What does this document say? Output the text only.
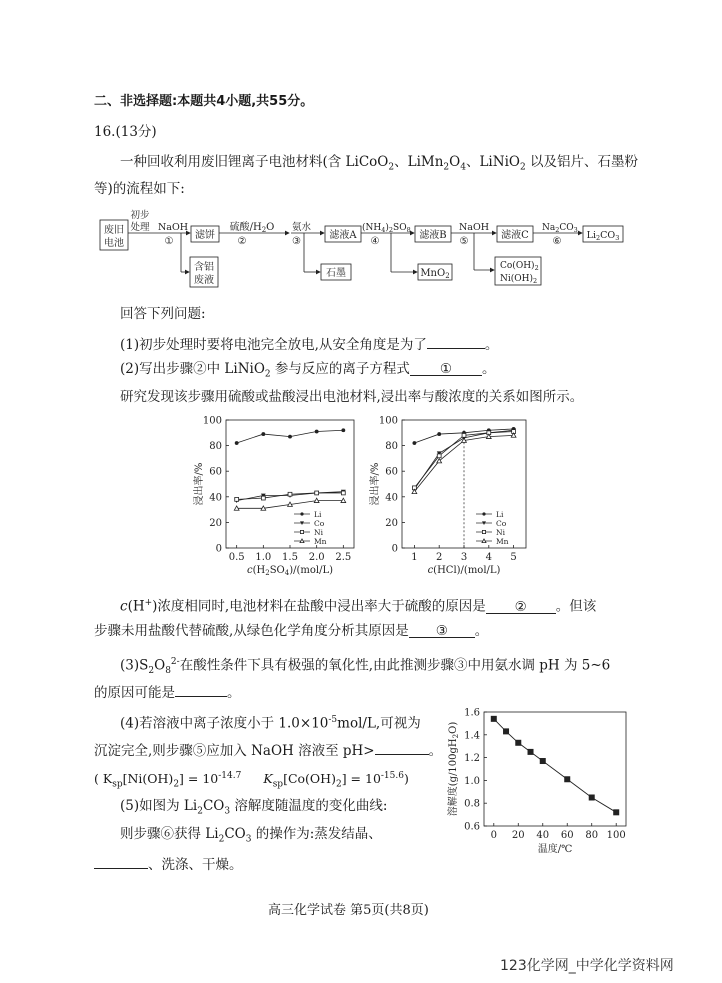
二、非选择题:本题共4小题,共55分。
16.(13分)
一种回收利用废旧锂离子电池材料(含 LiCoO$_2$、$LiMn_2O_4$、LiNiO$_2$ 以及铝片、石墨粉
等)的流程如下:
废旧
电池
初步
处理 NaOH
①
滤饼
含铝
废液
硫酸$/H_2O$
②
氨水
③
石墨
滤液A
$(NH_4)_2SO_8$
④
MnO$_2$
滤液B
NaOH
⑤
$Co(OH)_2$
$Ni(OH)_2$
滤液C
$Na_2CO_3$
⑥
$Li_2CO_3$
回答下列问题:
(1)初步处理时要将电池完全放电,从安全角度是为了	。
(2)写出步骤②中 LiNiO$_2$ 参与反应的离子方程式 ① 。
研究发现该步骤用硫酸或盐酸浸出电池材料,浸出率与酸浓度的关系如图所示。
0
20
40
60
80
100
0.5 1.0 1.5 2.0 2.5
Li
Co
Ni
Mn
浸出率/%
$c(H_2SO_4)/(mol/L)$
0
20
40
60
80
100
1 2 3 4 5
Li
Co
Ni
Mn
浸出率/%
c(HCl)/(mol/L)
c(H+)浓度相同时,电池材料在盐酸中浸出率大于硫酸的原因是 ② 。但该
步骤未用盐酸代替硫酸,从绿色化学角度分析其原因是 ③ 。
$(3)S_2O_8^{2-}$在酸性条件下具有极强的氧化性,由此推测步骤③中用氨水调 pH 为 5~6
的原因可能是	。
(4)若溶液中离子浓度小于 $1.0\times 10^{-5}mol/L$,可视为
沉淀完全,则步骤⑤应加入 NaOH 溶液至 pH>	。
( $K_{sp}[Ni(OH)_2] = 10^{-14.7}$ $K_{sp}[Co(OH)_2] = 10^{-15.6}$)
(5)如图为 $Li_2CO_3$ 溶解度随温度的变化曲线:
则步骤⑥获得 $Li_2CO_3$ 的操作为:蒸发结晶、
、洗涤、干燥。
0.6
0.8
1.0
1.2
1.4
1.6
0 20 40 60 80 100
温度/℃
溶解度$(g/100gH_2O)$
高三化学试卷 第5页(共8页)
123化学网_中学化学资料网
